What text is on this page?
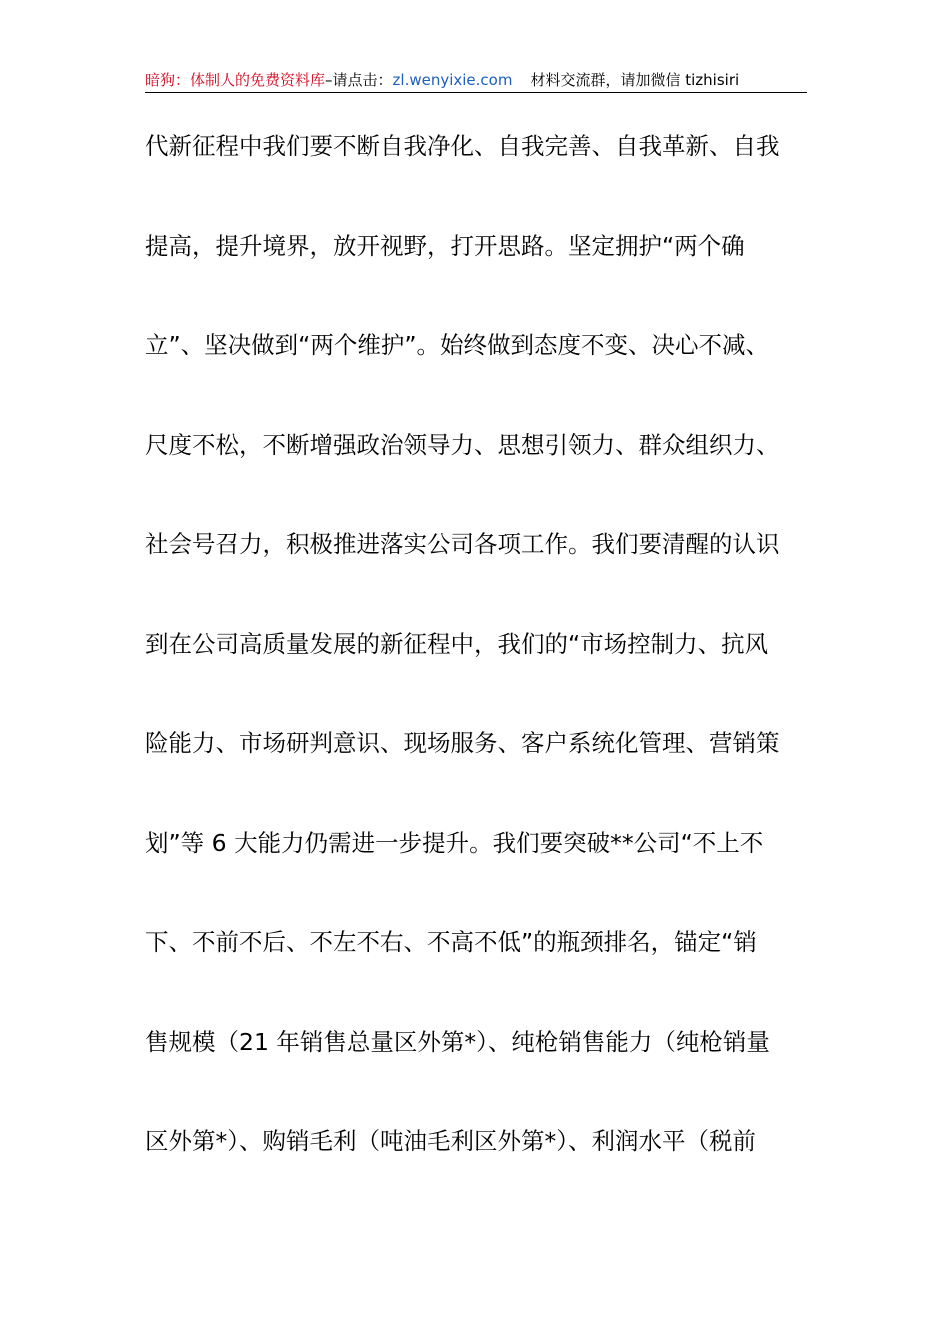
暗狗：体制人的免费资料库–请点击：zl.wenyixie.com 材料交流群，请加微信 tizhisiri
代新征程中我们要不断自我净化、自我完善、自我革新、自我
提高，提升境界，放开视野，打开思路。坚定拥护“两个确
立”、坚决做到“两个维护”。始终做到态度不变、决心不减、
尺度不松，不断增强政治领导力、思想引领力、群众组织力、
社会号召力，积极推进落实公司各项工作。我们要清醒的认识
到在公司高质量发展的新征程中，我们的“市场控制力、抗风
险能力、市场研判意识、现场服务、客户系统化管理、营销策
划”等 6 大能力仍需进一步提升。我们要突破**公司“不上不
下、不前不后、不左不右、不高不低”的瓶颈排名，锚定“销
售规模（21 年销售总量区外第*）、纯枪销售能力（纯枪销量
区外第*）、购销毛利（吨油毛利区外第*）、利润水平（税前
